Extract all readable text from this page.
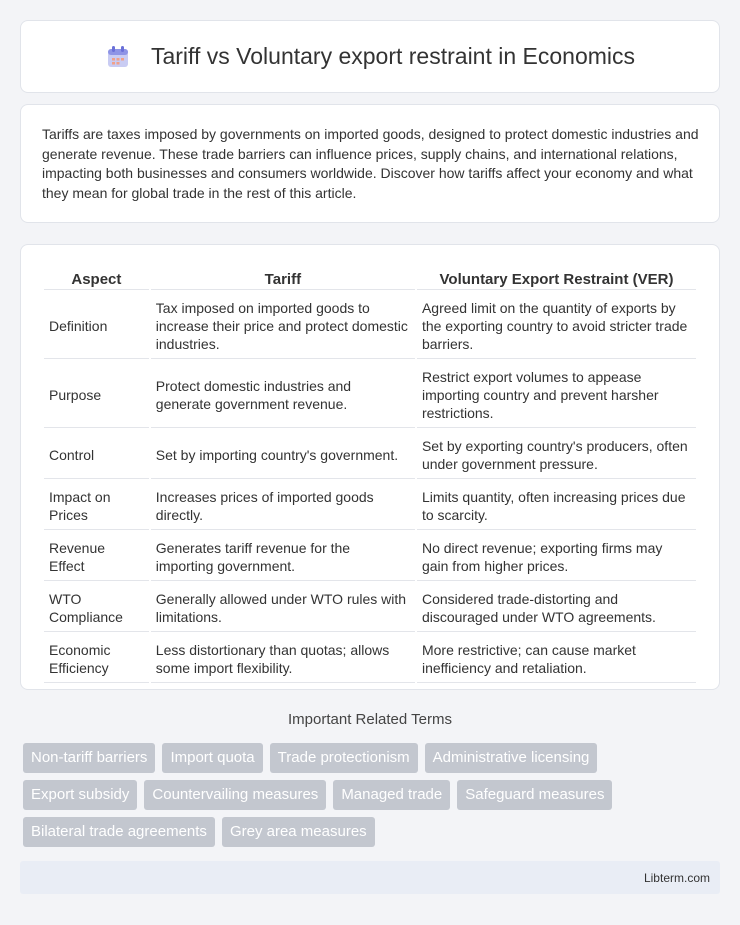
Tariff vs Voluntary export restraint in Economics

Tariffs are taxes imposed by governments on imported goods, designed to protect domestic industries and generate revenue. These trade barriers can influence prices, supply chains, and international relations, impacting both businesses and consumers worldwide. Discover how tariffs affect your economy and what they mean for global trade in the rest of this article.

Aspect	Tariff	Voluntary Export Restraint (VER)
Definition	Tax imposed on imported goods to increase their price and protect domestic industries.	Agreed limit on the quantity of exports by the exporting country to avoid stricter trade barriers.
Purpose	Protect domestic industries and generate government revenue.	Restrict export volumes to appease importing country and prevent harsher restrictions.
Control	Set by importing country's government.	Set by exporting country's producers, often under government pressure.
Impact on Prices	Increases prices of imported goods directly.	Limits quantity, often increasing prices due to scarcity.
Revenue Effect	Generates tariff revenue for the importing government.	No direct revenue; exporting firms may gain from higher prices.
WTO Compliance	Generally allowed under WTO rules with limitations.	Considered trade-distorting and discouraged under WTO agreements.
Economic Efficiency	Less distortionary than quotas; allows some import flexibility.	More restrictive; can cause market inefficiency and retaliation.
Important Related Terms
Non-tariff barriers	Import quota	Trade protectionism	Administrative licensing
Export subsidy	Countervailing measures	Managed trade	Safeguard measures
Bilateral trade agreements	Grey area measures
Libterm.com
